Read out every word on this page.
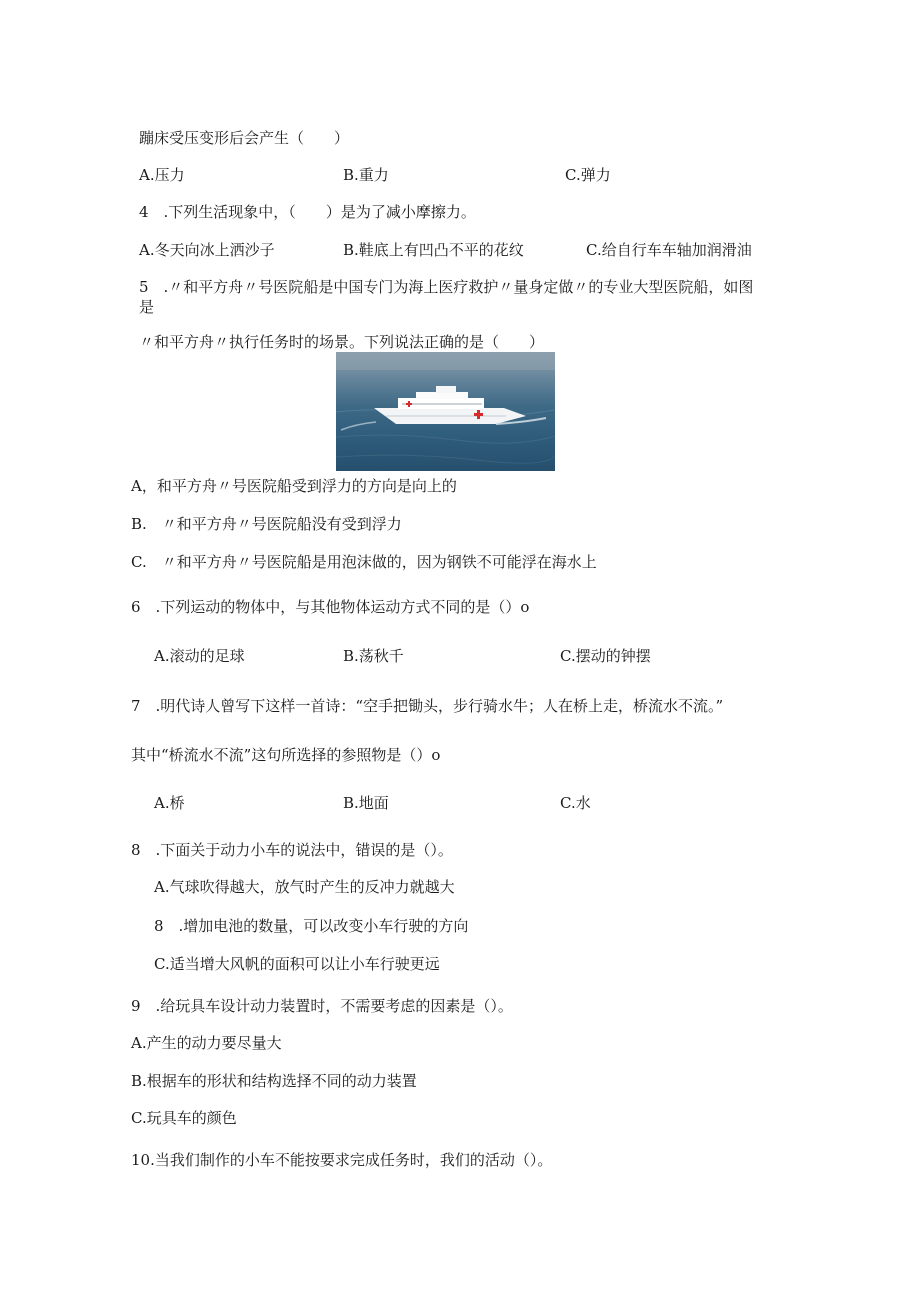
蹦床受压变形后会产生（　　）
A.压力	B.重力	C.弹力
4　.下列生活现象中，（　　）是为了减小摩擦力。
A.冬天向冰上洒沙子	B.鞋底上有凹凸不平的花纹	C.给自行车车轴加润滑油
5　.〃和平方舟〃号医院船是中国专门为海上医疗救护〃量身定做〃的专业大型医院船，如图
是
〃和平方舟〃执行任务时的场景。下列说法正确的是（　　）
A，和平方舟〃号医院船受到浮力的方向是向上的
B.　〃和平方舟〃号医院船没有受到浮力
C.　〃和平方舟〃号医院船是用泡沫做的，因为钢铁不可能浮在海水上
6　.下列运动的物体中，与其他物体运动方式不同的是（）o
A.滚动的足球	B.荡秋千	C.摆动的钟摆
7　.明代诗人曾写下这样一首诗：“空手把锄头，步行骑水牛；人在桥上走，桥流水不流。”
其中“桥流水不流”这句所选择的参照物是（）o
A.桥	B.地面	C.水
8　.下面关于动力小车的说法中，错误的是（）。
A.气球吹得越大，放气时产生的反冲力就越大
8　.增加电池的数量，可以改变小车行驶的方向
C.适当增大风帆的面积可以让小车行驶更远
9　.给玩具车设计动力装置时，不需要考虑的因素是（）。
A.产生的动力要尽量大
B.根据车的形状和结构选择不同的动力装置
C.玩具车的颜色
10.当我们制作的小车不能按要求完成任务时，我们的活动（）。
